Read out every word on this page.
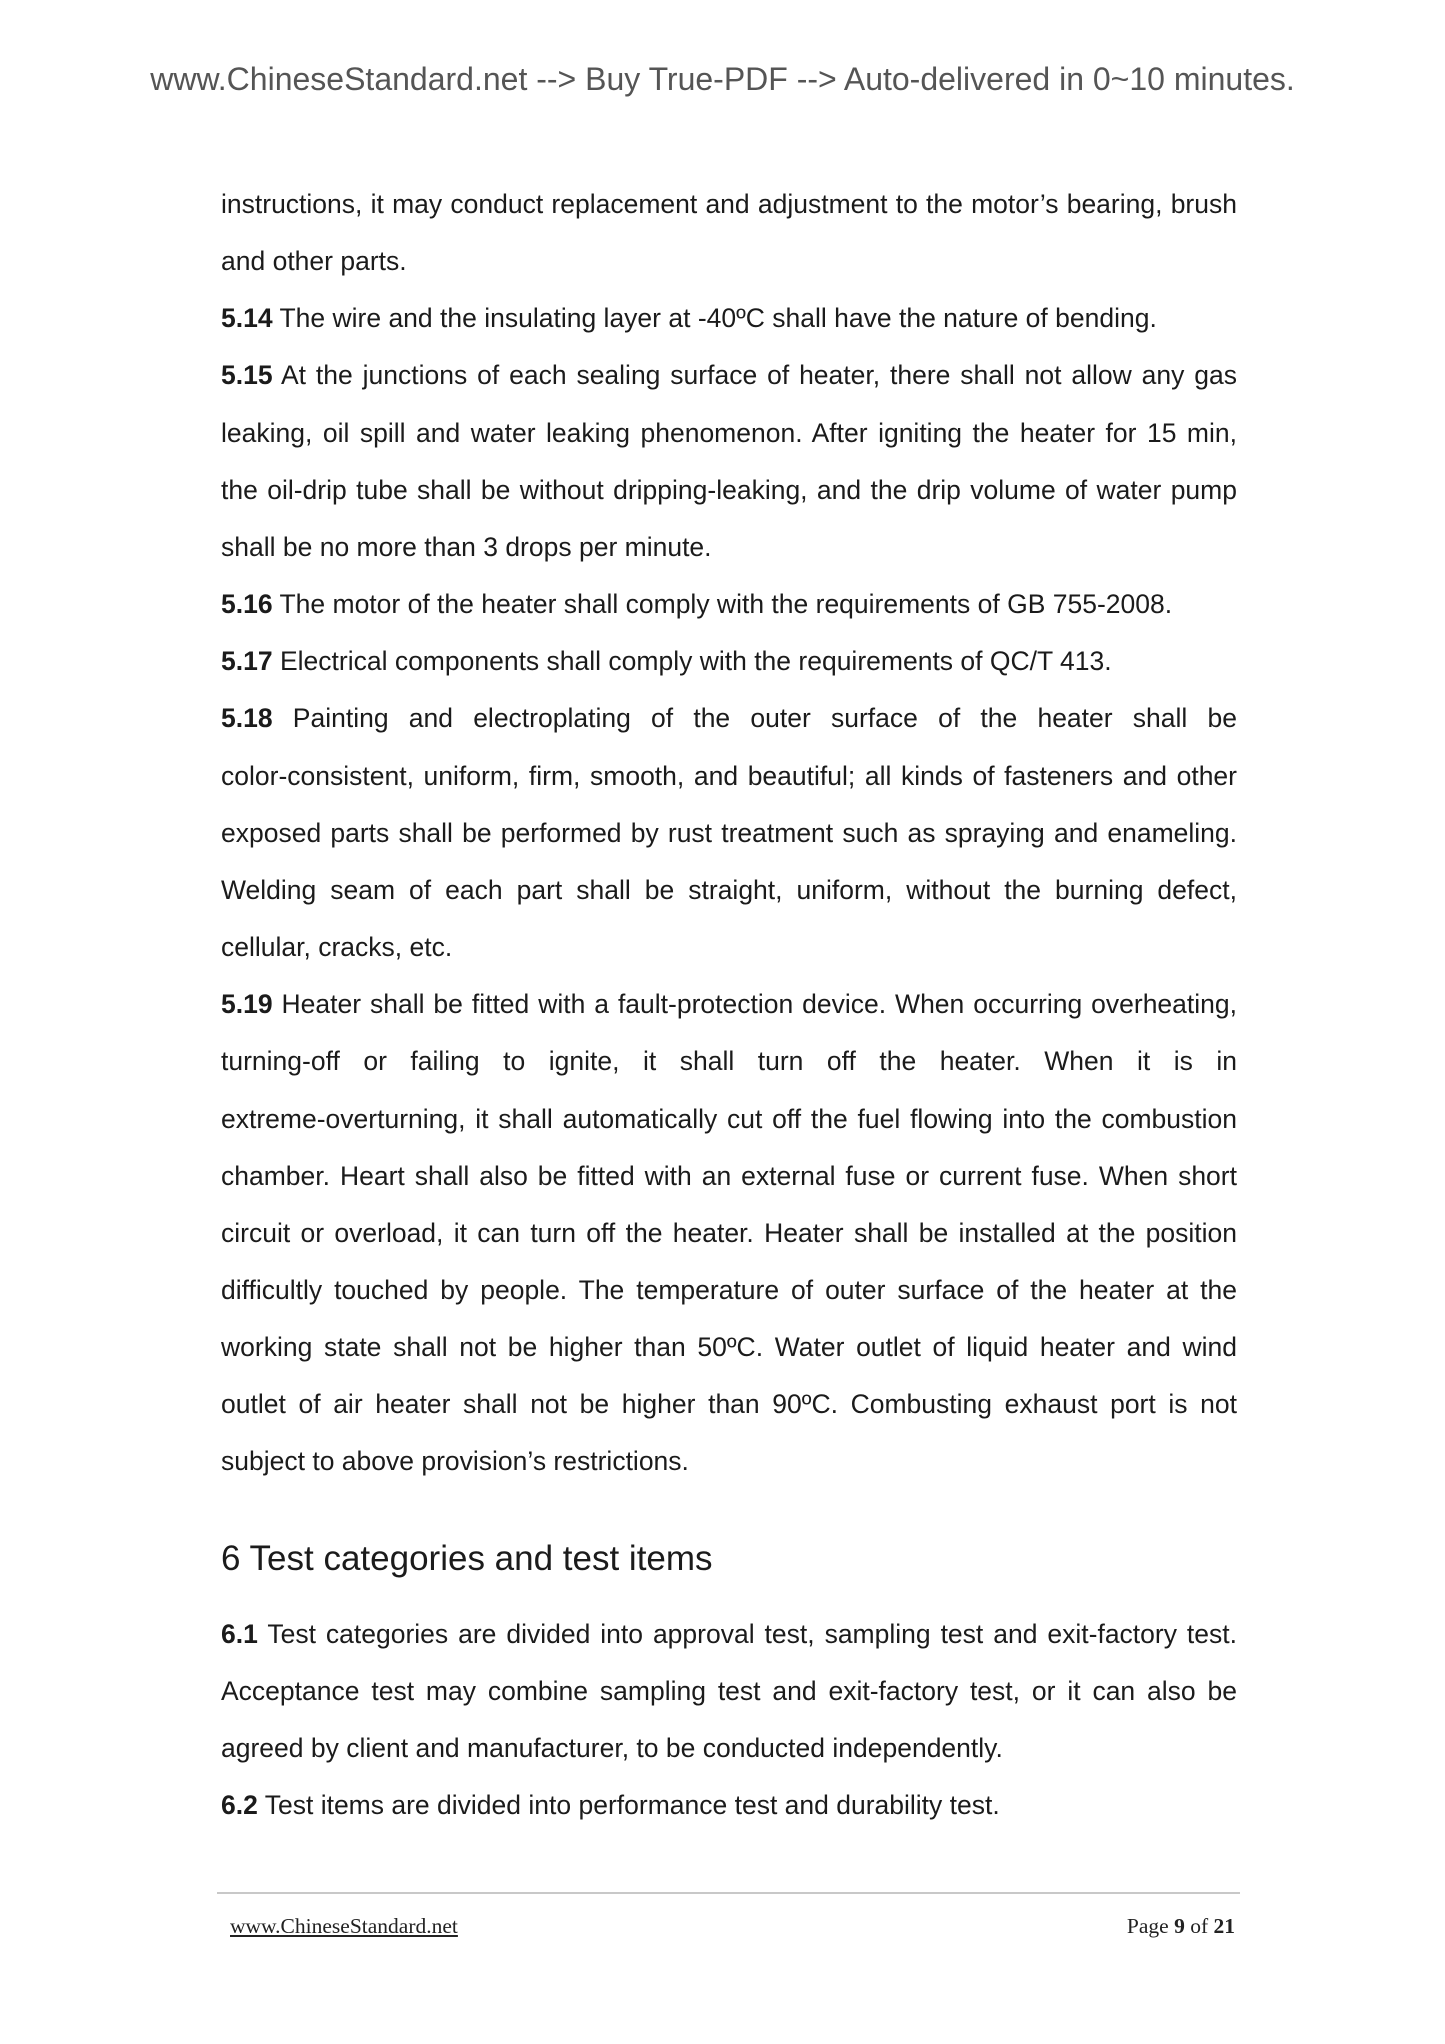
www.ChineseStandard.net --> Buy True-PDF --> Auto-delivered in 0~10 minutes.
instructions, it may conduct replacement and adjustment to the motor’s bearing, brush
and other parts.
5.14 The wire and the insulating layer at -40ºC shall have the nature of bending.
5.15 At the junctions of each sealing surface of heater, there shall not allow any gas
leaking, oil spill and water leaking phenomenon. After igniting the heater for 15 min,
the oil-drip tube shall be without dripping-leaking, and the drip volume of water pump
shall be no more than 3 drops per minute.
5.16 The motor of the heater shall comply with the requirements of GB 755-2008.
5.17 Electrical components shall comply with the requirements of QC/T 413.
5.18 Painting and electroplating of the outer surface of the heater shall be
color-consistent, uniform, firm, smooth, and beautiful; all kinds of fasteners and other
exposed parts shall be performed by rust treatment such as spraying and enameling.
Welding seam of each part shall be straight, uniform, without the burning defect,
cellular, cracks, etc.
5.19 Heater shall be fitted with a fault-protection device. When occurring overheating,
turning-off or failing to ignite, it shall turn off the heater. When it is in
extreme-overturning, it shall automatically cut off the fuel flowing into the combustion
chamber. Heart shall also be fitted with an external fuse or current fuse. When short
circuit or overload, it can turn off the heater. Heater shall be installed at the position
difficultly touched by people. The temperature of outer surface of the heater at the
working state shall not be higher than 50ºC. Water outlet of liquid heater and wind
outlet of air heater shall not be higher than 90ºC. Combusting exhaust port is not
subject to above provision’s restrictions.
6 Test categories and test items
6.1 Test categories are divided into approval test, sampling test and exit-factory test.
Acceptance test may combine sampling test and exit-factory test, or it can also be
agreed by client and manufacturer, to be conducted independently.
6.2 Test items are divided into performance test and durability test.
www.ChineseStandard.net	Page 9 of 21
